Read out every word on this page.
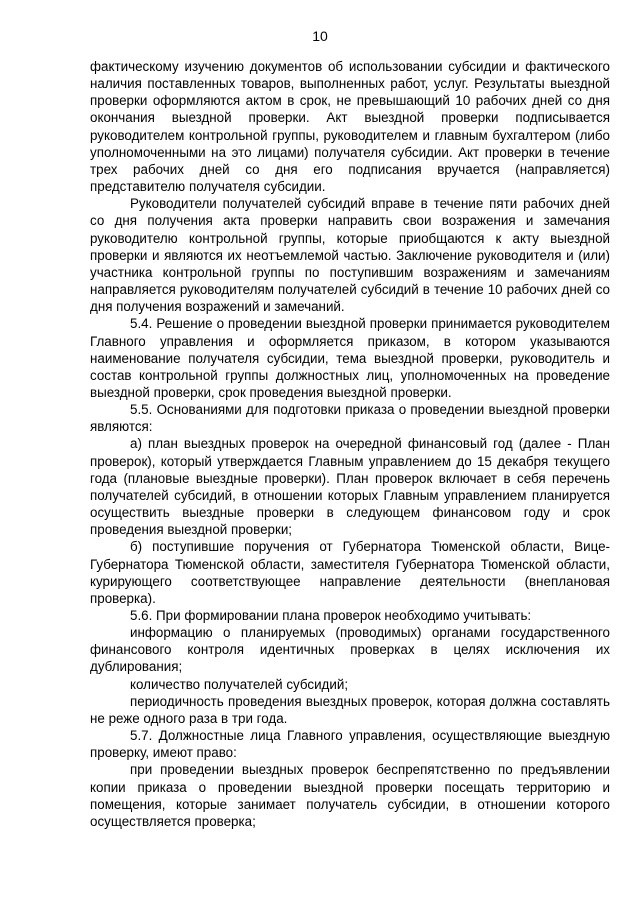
10

фактическому изучению документов об использовании субсидии и фактического наличия поставленных товаров, выполненных работ, услуг. Результаты выездной проверки оформляются актом в срок, не превышающий 10 рабочих дней со дня окончания выездной проверки. Акт выездной проверки подписывается руководителем контрольной группы, руководителем и главным бухгалтером (либо уполномоченными на это лицами) получателя субсидии. Акт проверки в течение трех рабочих дней со дня его подписания вручается (направляется) представителю получателя субсидии.

Руководители получателей субсидий вправе в течение пяти рабочих дней со дня получения акта проверки направить свои возражения и замечания руководителю контрольной группы, которые приобщаются к акту выездной проверки и являются их неотъемлемой частью. Заключение руководителя и (или) участника контрольной группы по поступившим возражениям и замечаниям направляется руководителям получателей субсидий в течение 10 рабочих дней со дня получения возражений и замечаний.

5.4. Решение о проведении выездной проверки принимается руководителем Главного управления и оформляется приказом, в котором указываются наименование получателя субсидии, тема выездной проверки, руководитель и состав контрольной группы должностных лиц, уполномоченных на проведение выездной проверки, срок проведения выездной проверки.

5.5. Основаниями для подготовки приказа о проведении выездной проверки являются:

а) план выездных проверок на очередной финансовый год (далее - План проверок), который утверждается Главным управлением до 15 декабря текущего года (плановые выездные проверки). План проверок включает в себя перечень получателей субсидий, в отношении которых Главным управлением планируется осуществить выездные проверки в следующем финансовом году и срок проведения выездной проверки;

б) поступившие поручения от Губернатора Тюменской области, Вице-Губернатора Тюменской области, заместителя Губернатора Тюменской области, курирующего соответствующее направление деятельности (внеплановая проверка).

5.6. При формировании плана проверок необходимо учитывать:

информацию о планируемых (проводимых) органами государственного финансового контроля идентичных проверках в целях исключения их дублирования;

количество получателей субсидий;

периодичность проведения выездных проверок, которая должна составлять не реже одного раза в три года.

5.7. Должностные лица Главного управления, осуществляющие выездную проверку, имеют право:

при проведении выездных проверок беспрепятственно по предъявлении копии приказа о проведении выездной проверки посещать территорию и помещения, которые занимает получатель субсидии, в отношении которого осуществляется проверка;
